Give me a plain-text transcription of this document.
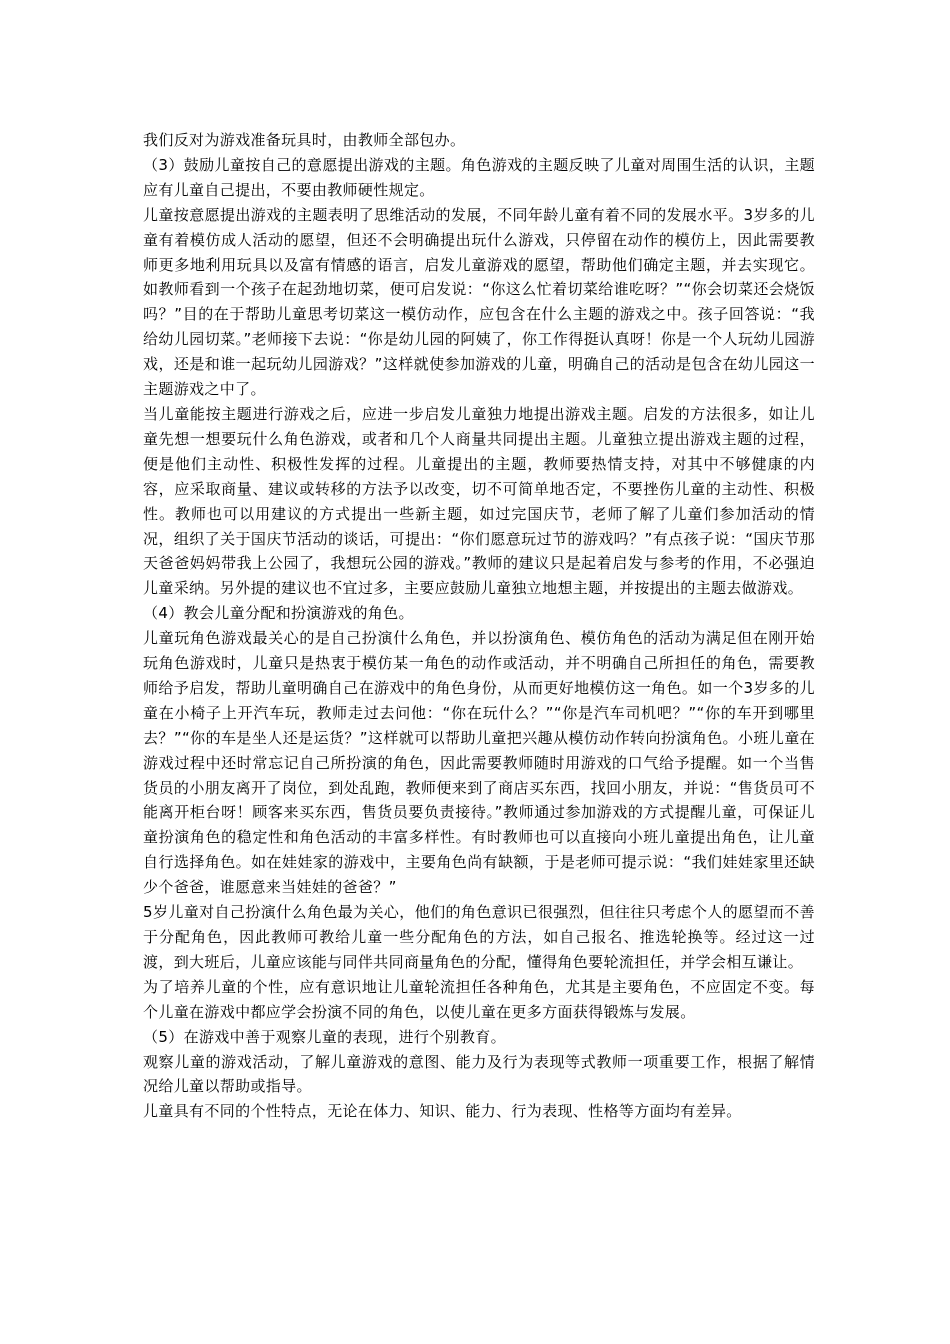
我们反对为游戏准备玩具时，由教师全部包办。

（3）鼓励儿童按自己的意愿提出游戏的主题。角色游戏的主题反映了儿童对周围生活的认识，主题应有儿童自己提出，不要由教师硬性规定。

儿童按意愿提出游戏的主题表明了思维活动的发展，不同年龄儿童有着不同的发展水平。3岁多的儿童有着模仿成人活动的愿望，但还不会明确提出玩什么游戏，只停留在动作的模仿上，因此需要教师更多地利用玩具以及富有情感的语言，启发儿童游戏的愿望，帮助他们确定主题，并去实现它。如教师看到一个孩子在起劲地切菜，便可启发说：“你这么忙着切菜给谁吃呀？”“你会切菜还会烧饭吗？”目的在于帮助儿童思考切菜这一模仿动作，应包含在什么主题的游戏之中。孩子回答说：“我给幼儿园切菜。”老师接下去说：“你是幼儿园的阿姨了，你工作得挺认真呀！你是一个人玩幼儿园游戏，还是和谁一起玩幼儿园游戏？”这样就使参加游戏的儿童，明确自己的活动是包含在幼儿园这一主题游戏之中了。

当儿童能按主题进行游戏之后，应进一步启发儿童独力地提出游戏主题。启发的方法很多，如让儿童先想一想要玩什么角色游戏，或者和几个人商量共同提出主题。儿童独立提出游戏主题的过程，便是他们主动性、积极性发挥的过程。儿童提出的主题，教师要热情支持，对其中不够健康的内容，应采取商量、建议或转移的方法予以改变，切不可简单地否定，不要挫伤儿童的主动性、积极性。教师也可以用建议的方式提出一些新主题，如过完国庆节，老师了解了儿童们参加活动的情况，组织了关于国庆节活动的谈话，可提出：“你们愿意玩过节的游戏吗？”有点孩子说：“国庆节那天爸爸妈妈带我上公园了，我想玩公园的游戏。”教师的建议只是起着启发与参考的作用，不必强迫儿童采纳。另外提的建议也不宜过多，主要应鼓励儿童独立地想主题，并按提出的主题去做游戏。

（4）教会儿童分配和扮演游戏的角色。

儿童玩角色游戏最关心的是自己扮演什么角色，并以扮演角色、模仿角色的活动为满足但在刚开始玩角色游戏时，儿童只是热衷于模仿某一角色的动作或活动，并不明确自己所担任的角色，需要教师给予启发，帮助儿童明确自己在游戏中的角色身份，从而更好地模仿这一角色。如一个3岁多的儿童在小椅子上开汽车玩，教师走过去问他：“你在玩什么？”“你是汽车司机吧？”“你的车开到哪里去？”“你的车是坐人还是运货？”这样就可以帮助儿童把兴趣从模仿动作转向扮演角色。小班儿童在游戏过程中还时常忘记自己所扮演的角色，因此需要教师随时用游戏的口气给予提醒。如一个当售货员的小朋友离开了岗位，到处乱跑，教师便来到了商店买东西，找回小朋友，并说：“售货员可不能离开柜台呀！顾客来买东西，售货员要负责接待。”教师通过参加游戏的方式提醒儿童，可保证儿童扮演角色的稳定性和角色活动的丰富多样性。有时教师也可以直接向小班儿童提出角色，让儿童自行选择角色。如在娃娃家的游戏中，主要角色尚有缺额，于是老师可提示说：“我们娃娃家里还缺少个爸爸，谁愿意来当娃娃的爸爸？”

5岁儿童对自己扮演什么角色最为关心，他们的角色意识已很强烈，但往往只考虑个人的愿望而不善于分配角色，因此教师可教给儿童一些分配角色的方法，如自己报名、推选轮换等。经过这一过渡，到大班后，儿童应该能与同伴共同商量角色的分配，懂得角色要轮流担任，并学会相互谦让。

为了培养儿童的个性，应有意识地让儿童轮流担任各种角色，尤其是主要角色，不应固定不变。每个儿童在游戏中都应学会扮演不同的角色，以使儿童在更多方面获得锻炼与发展。

（5）在游戏中善于观察儿童的表现，进行个别教育。

观察儿童的游戏活动，了解儿童游戏的意图、能力及行为表现等式教师一项重要工作，根据了解情况给儿童以帮助或指导。

儿童具有不同的个性特点，无论在体力、知识、能力、行为表现、性格等方面均有差异。
